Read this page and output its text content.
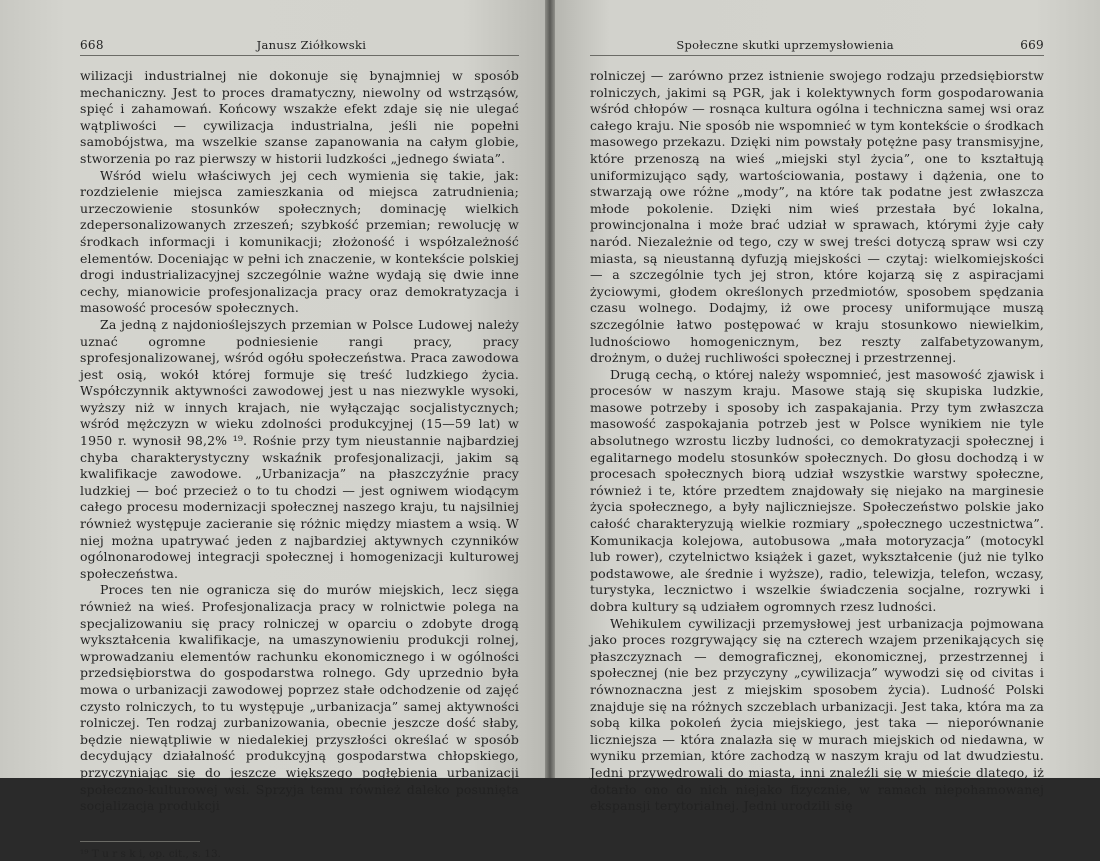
668	Janusz Ziółkowski

wilizacji industrialnej nie dokonuje się bynajmniej w sposób mechaniczny. Jest to proces dramatyczny, niewolny od wstrząsów, spięć i zahamowań. Końcowy wszakże efekt zdaje się nie ulegać wątpliwości — cywilizacja industrialna, jeśli nie popełni samobójstwa, ma wszelkie szanse zapanowania na całym globie, stworzenia po raz pierwszy w historii ludzkości „jednego świata”.

Wśród wielu właściwych jej cech wymienia się takie, jak: rozdzielenie miejsca zamieszkania od miejsca zatrudnienia; urzeczowienie stosunków społecznych; dominację wielkich zdepersonalizowanych zrzeszeń; szybkość przemian; rewolucję w środkach informacji i komunikacji; złożoność i współzależność elementów. Doceniając w pełni ich znaczenie, w kontekście polskiej drogi industrializacyjnej szczególnie ważne wydają się dwie inne cechy, mianowicie profesjonalizacja pracy oraz demokratyzacja i masowość procesów społecznych.

Za jedną z najdonioślejszych przemian w Polsce Ludowej należy uznać ogromne podniesienie rangi pracy, pracy sprofesjonalizowanej, wśród ogółu społeczeństwa. Praca zawodowa jest osią, wokół której formuje się treść ludzkiego życia. Współczynnik aktywności zawodowej jest u nas niezwykle wysoki, wyższy niż w innych krajach, nie wyłączając socjalistycznych; wśród mężczyzn w wieku zdolności produkcyjnej (15—59 lat) w 1950 r. wynosił 98,2% ¹⁹. Rośnie przy tym nieustannie najbardziej chyba charakterystyczny wskaźnik profesjonalizacji, jakim są kwalifikacje zawodowe. „Urbanizacja” na płaszczyźnie pracy ludzkiej — boć przecież o to tu chodzi — jest ogniwem wiodącym całego procesu modernizacji społecznej naszego kraju, tu najsilniej również występuje zacieranie się różnic między miastem a wsią. W niej można upatrywać jeden z najbardziej aktywnych czynników ogólnonarodowej integracji społecznej i homogenizacji kulturowej społeczeństwa.

Proces ten nie ogranicza się do murów miejskich, lecz sięga również na wieś. Profesjonalizacja pracy w rolnictwie polega na specjalizowaniu się pracy rolniczej w oparciu o zdobyte drogą wykształcenia kwalifikacje, na umaszynowieniu produkcji rolnej, wprowadzaniu elementów rachunku ekonomicznego i w ogólności przedsiębiorstwa do gospodarstwa rolnego. Gdy uprzednio była mowa o urbanizacji zawodowej poprzez stałe odchodzenie od zajęć czysto rolniczych, to tu występuje „urbanizacja” samej aktywności rolniczej. Ten rodzaj zurbanizowania, obecnie jeszcze dość słaby, będzie niewątpliwie w niedalekiej przyszłości określać w sposób decydujący działalność produkcyjną gospodarstwa chłopskiego, przyczyniając się do jeszcze większego pogłębienia urbanizacji społeczno-kulturowej wsi. Sprzyja temu również daleko posunięta socjalizacja produkcji

¹⁹ T u r s k i, op. cit., s. 13.
Społeczne skutki uprzemysłowienia	669

rolniczej — zarówno przez istnienie swojego rodzaju przedsiębiorstw rolniczych, jakimi są PGR, jak i kolektywnych form gospodarowania wśród chłopów — rosnąca kultura ogólna i techniczna samej wsi oraz całego kraju. Nie sposób nie wspomnieć w tym kontekście o środkach masowego przekazu. Dzięki nim powstały potężne pasy transmisyjne, które przenoszą na wieś „miejski styl życia”, one to kształtują uniformizująco sądy, wartościowania, postawy i dążenia, one to stwarzają owe różne „mody”, na które tak podatne jest zwłaszcza młode pokolenie. Dzięki nim wieś przestała być lokalna, prowincjonalna i może brać udział w sprawach, którymi żyje cały naród. Niezależnie od tego, czy w swej treści dotyczą spraw wsi czy miasta, są nieustanną dyfuzją miejskości — czytaj: wielkomiejskości — a szczególnie tych jej stron, które kojarzą się z aspiracjami życiowymi, głodem określonych przedmiotów, sposobem spędzania czasu wolnego. Dodajmy, iż owe procesy uniformujące muszą szczególnie łatwo postępować w kraju stosunkowo niewielkim, ludnościowo homogenicznym, bez reszty zalfabetyzowanym, drożnym, o dużej ruchliwości społecznej i przestrzennej.

Drugą cechą, o której należy wspomnieć, jest masowość zjawisk i procesów w naszym kraju. Masowe stają się skupiska ludzkie, masowe potrzeby i sposoby ich zaspakajania. Przy tym zwłaszcza masowość zaspokajania potrzeb jest w Polsce wynikiem nie tyle absolutnego wzrostu liczby ludności, co demokratyzacji społecznej i egalitarnego modelu stosunków społecznych. Do głosu dochodzą i w procesach społecznych biorą udział wszystkie warstwy społeczne, również i te, które przedtem znajdowały się niejako na marginesie życia społecznego, a były najliczniejsze. Społeczeństwo polskie jako całość charakteryzują wielkie rozmiary „społecznego uczestnictwa”. Komunikacja kolejowa, autobusowa „mała motoryzacja” (motocykl lub rower), czytelnictwo książek i gazet, wykształcenie (już nie tylko podstawowe, ale średnie i wyższe), radio, telewizja, telefon, wczasy, turystyka, lecznictwo i wszelkie świadczenia socjalne, rozrywki i dobra kultury są udziałem ogromnych rzesz ludności.

Wehikulem cywilizacji przemysłowej jest urbanizacja pojmowana jako proces rozgrywający się na czterech wzajem przenikających się płaszczyznach — demograficznej, ekonomicznej, przestrzennej i społecznej (nie bez przyczyny „cywilizacja” wywodzi się od civitas i równoznaczna jest z miejskim sposobem życia). Ludność Polski znajduje się na różnych szczeblach urbanizacji. Jest taka, która ma za sobą kilka pokoleń życia miejskiego, jest taka — nieporównanie liczniejsza — która znalazła się w murach miejskich od niedawna, w wyniku przemian, które zachodzą w naszym kraju od lat dwudziestu. Jedni przywędrowali do miasta, inni znaleźli się w mieście dlatego, iż dotarło ono do nich niejako fizycznie, w ramach niepohamowanej ekspansji terytorialnej. Jedni urodzili się
